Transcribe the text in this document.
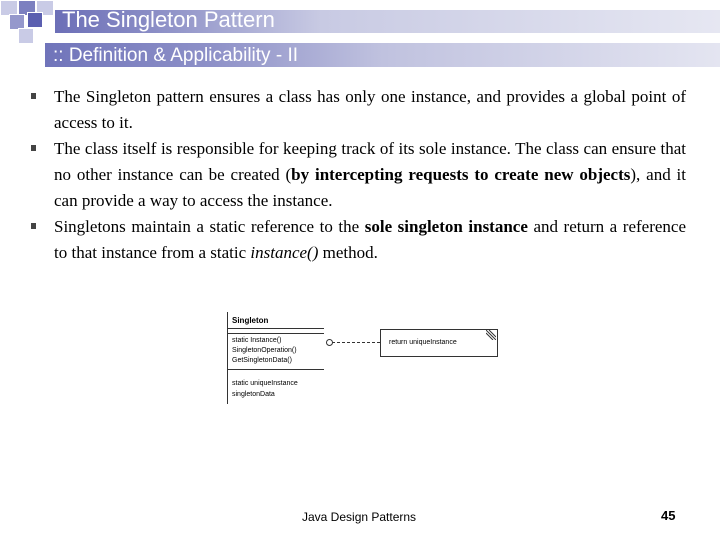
The Singleton Pattern
:: Definition & Applicability - II
The Singleton pattern ensures a class has only one instance, and provides a global point of access to it.
The class itself is responsible for keeping track of its sole instance. The class can ensure that no other instance can be created (by intercepting requests to create new objects), and it can provide a way to access the instance.
Singletons maintain a static reference to the sole singleton instance and return a reference to that instance from a static instance() method.
Singleton
static Instance()
SingletonOperation()
GetSingletonData()
static uniqueInstance
singletonData
return uniqueInstance
Java Design Patterns	45
